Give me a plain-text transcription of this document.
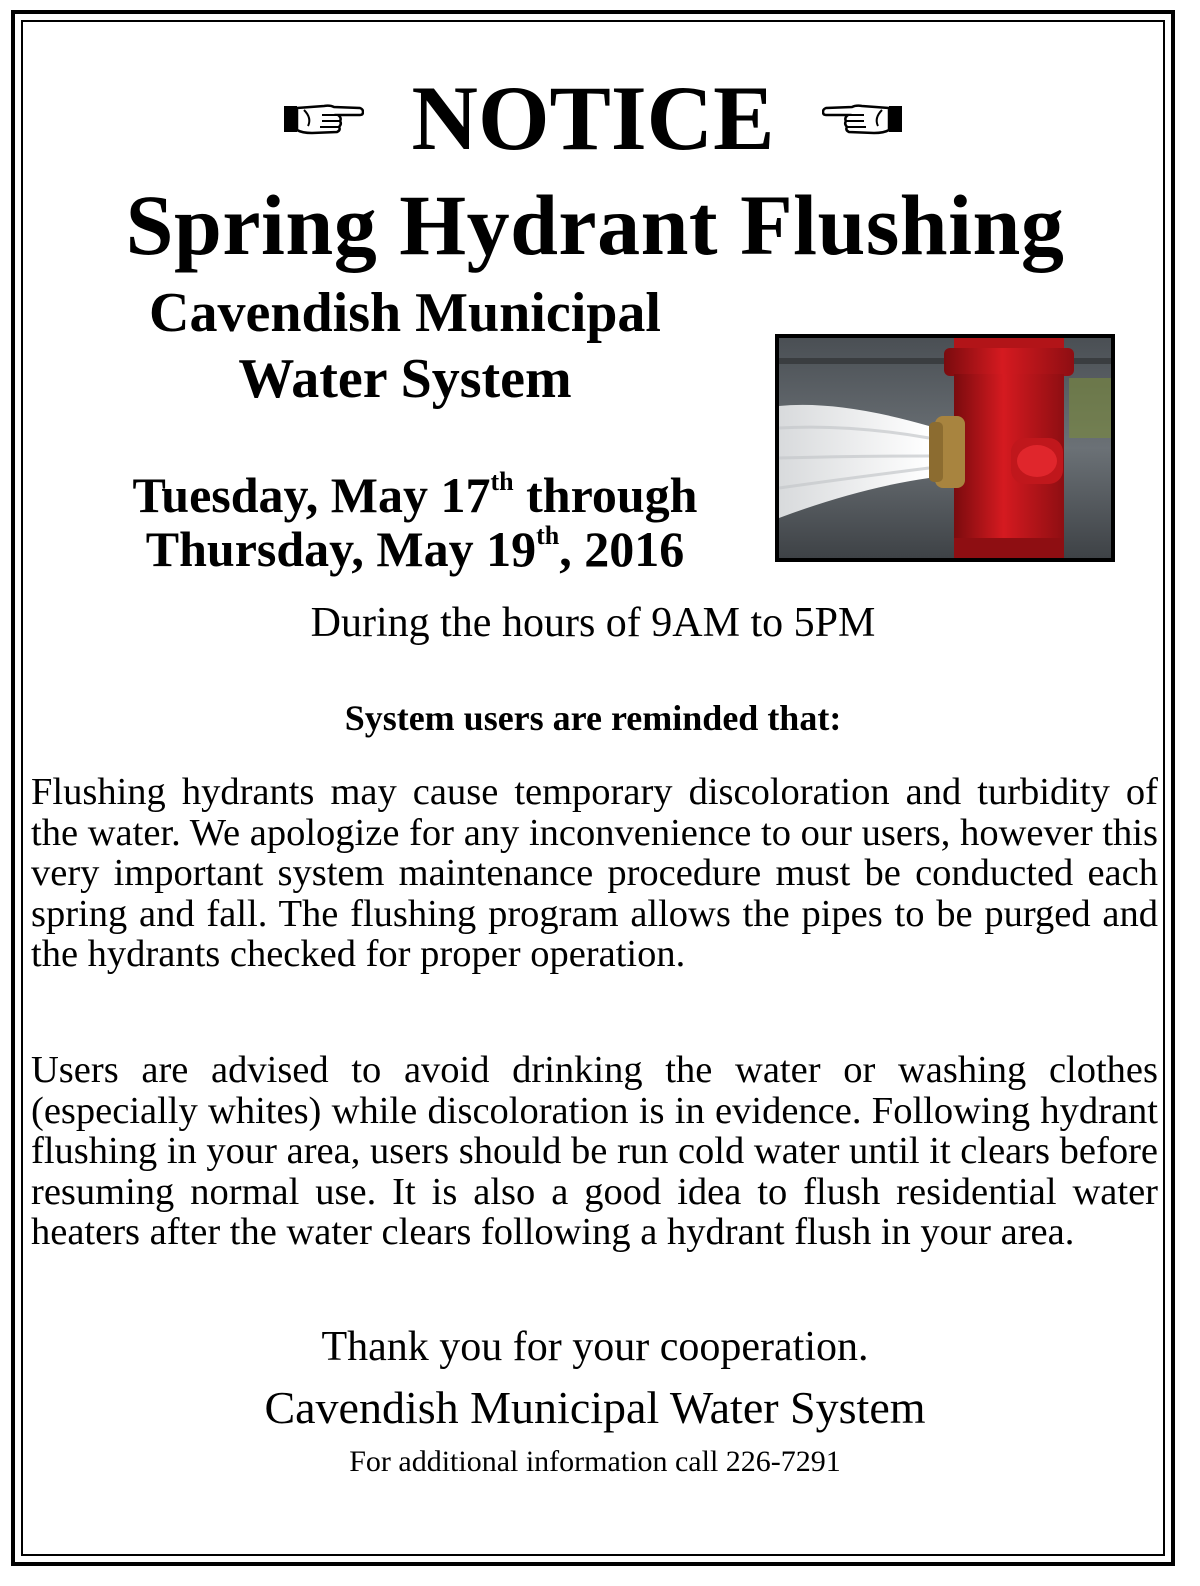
NOTICE
Spring Hydrant Flushing
Cavendish Municipal
Water System
Tuesday, May 17th through
Thursday, May 19th, 2016
During the hours of 9AM to 5PM
System users are reminded that:

Flushing hydrants may cause temporary discoloration and turbidity of the water. We apologize for any inconvenience to our users, however this very important system maintenance procedure must be conducted each spring and fall. The flushing program allows the pipes to be purged and the hydrants checked for proper operation.

Users are advised to avoid drinking the water or washing clothes (especially whites) while discoloration is in evidence. Following hydrant flushing in your area, users should be run cold water until it clears before resuming normal use. It is also a good idea to flush residential water heaters after the water clears following a hydrant flush in your area.

Thank you for your cooperation.
Cavendish Municipal Water System
For additional information call 226-7291
